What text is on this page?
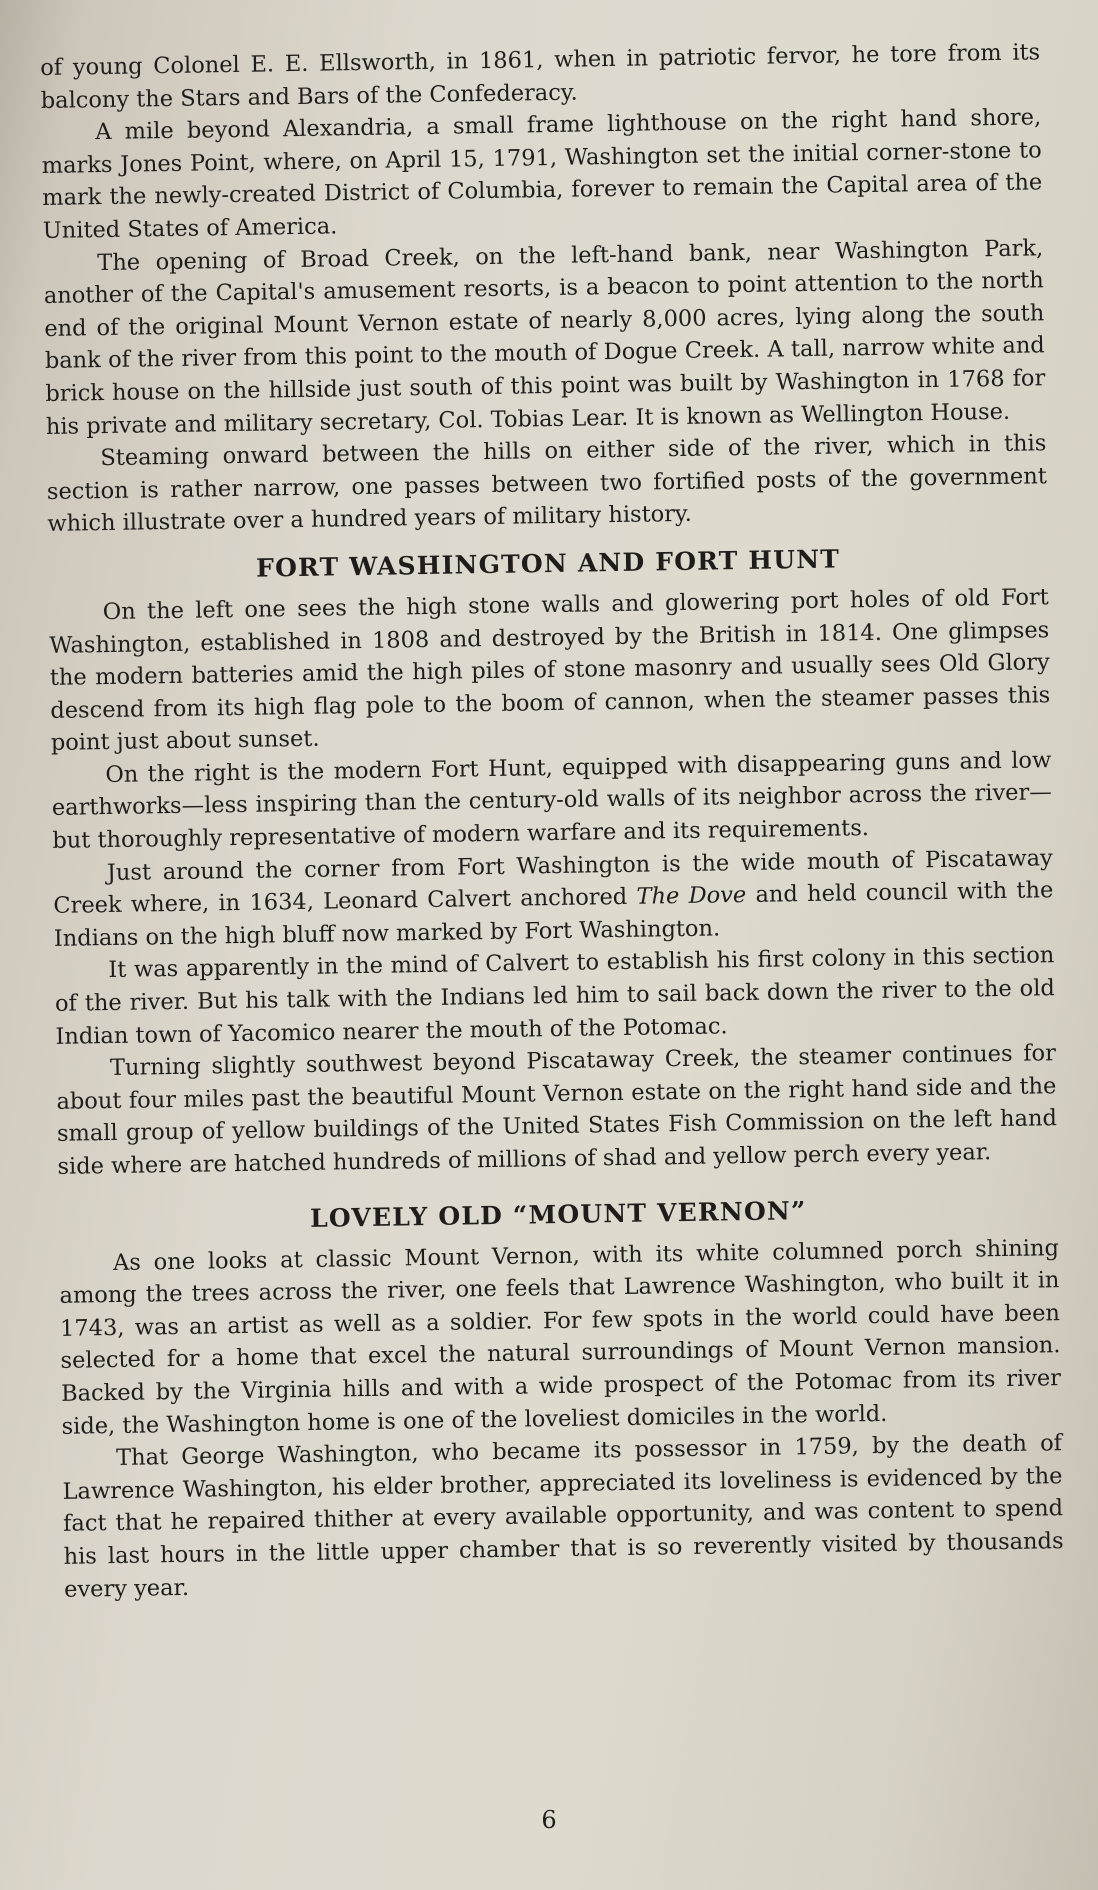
of young Colonel E. E. Ellsworth, in 1861, when in patriotic fervor, he tore from its balcony the Stars and Bars of the Confederacy.

A mile beyond Alexandria, a small frame lighthouse on the right hand shore, marks Jones Point, where, on April 15, 1791, Washington set the initial corner-stone to mark the newly-created District of Columbia, forever to remain the Capital area of the United States of America.

The opening of Broad Creek, on the left-hand bank, near Washington Park, another of the Capital's amusement resorts, is a beacon to point attention to the north end of the original Mount Vernon estate of nearly 8,000 acres, lying along the south bank of the river from this point to the mouth of Dogue Creek. A tall, narrow white and brick house on the hillside just south of this point was built by Washington in 1768 for his private and military secretary, Col. Tobias Lear. It is known as Wellington House.

Steaming onward between the hills on either side of the river, which in this section is rather narrow, one passes between two fortified posts of the government which illustrate over a hundred years of military history.

FORT WASHINGTON AND FORT HUNT

On the left one sees the high stone walls and glowering port holes of old Fort Washington, established in 1808 and destroyed by the British in 1814. One glimpses the modern batteries amid the high piles of stone masonry and usually sees Old Glory descend from its high flag pole to the boom of cannon, when the steamer passes this point just about sunset.

On the right is the modern Fort Hunt, equipped with disappearing guns and low earthworks—less inspiring than the century-old walls of its neighbor across the river—but thoroughly representative of modern warfare and its requirements.

Just around the corner from Fort Washington is the wide mouth of Piscataway Creek where, in 1634, Leonard Calvert anchored The Dove and held council with the Indians on the high bluff now marked by Fort Washington.

It was apparently in the mind of Calvert to establish his first colony in this section of the river. But his talk with the Indians led him to sail back down the river to the old Indian town of Yacomico nearer the mouth of the Potomac.

Turning slightly southwest beyond Piscataway Creek, the steamer continues for about four miles past the beautiful Mount Vernon estate on the right hand side and the small group of yellow buildings of the United States Fish Commission on the left hand side where are hatched hundreds of millions of shad and yellow perch every year.

LOVELY OLD “MOUNT VERNON”

As one looks at classic Mount Vernon, with its white columned porch shining among the trees across the river, one feels that Lawrence Washington, who built it in 1743, was an artist as well as a soldier. For few spots in the world could have been selected for a home that excel the natural surroundings of Mount Vernon mansion. Backed by the Virginia hills and with a wide prospect of the Potomac from its river side, the Washington home is one of the loveliest domiciles in the world.

That George Washington, who became its possessor in 1759, by the death of Lawrence Washington, his elder brother, appreciated its loveliness is evidenced by the fact that he repaired thither at every available opportunity, and was content to spend his last hours in the little upper chamber that is so reverently visited by thousands every year.

6
